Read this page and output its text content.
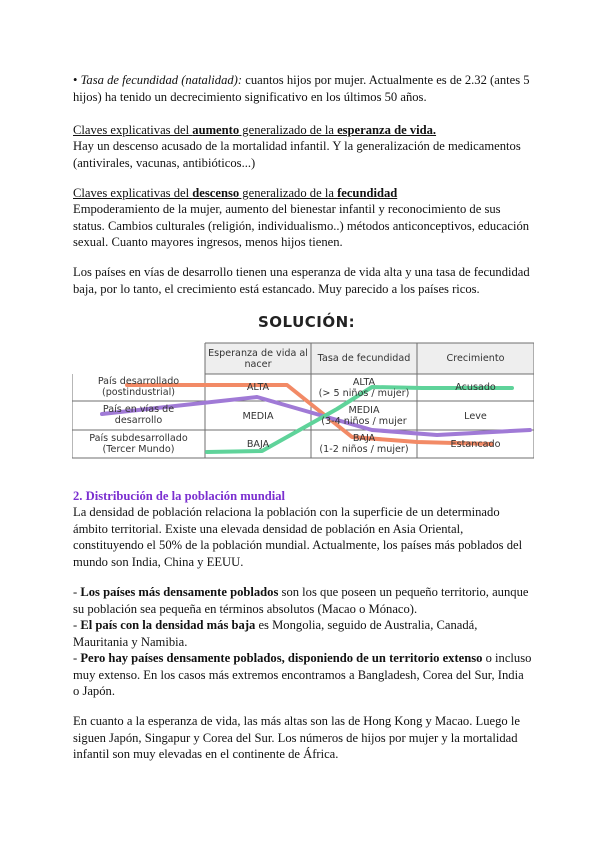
• Tasa de fecundidad (natalidad): cuantos hijos por mujer. Actualmente es de 2.32 (antes 5 hijos) ha tenido un decrecimiento significativo en los últimos 50 años.

Claves explicativas del aumento generalizado de la esperanza de vida.

Hay un descenso acusado de la mortalidad infantil. Y la generalización de medicamentos (antivirales, vacunas, antibióticos...)

Claves explicativas del descenso generalizado de la fecundidad

Empoderamiento de la mujer, aumento del bienestar infantil y reconocimiento de sus status. Cambios culturales (religión, individualismo..) métodos anticonceptivos, educación sexual. Cuanto mayores ingresos, menos hijos tienen.

Los países en vías de desarrollo tienen una esperanza de vida alta y una tasa de fecundidad baja, por lo tanto, el crecimiento está estancado. Muy parecido a los países ricos.

SOLUCIÓN:
Esperanza de vida al nacer
Tasa de fecundidad	Crecimiento
País desarrollado
(postindustrial)
País en vías de
desarrollo
País subdesarrollado
(Tercer Mundo)
ALTA
MEDIA
BAJA
ALTA
(> 5 niños / mujer)
MEDIA
(3-4 niños / mujer
BAJA
(1-2 niños / mujer)
Acusado
Leve
Estancado

2. Distribución de la población mundial

La densidad de población relaciona la población con la superficie de un determinado ámbito territorial. Existe una elevada densidad de población en Asia Oriental, constituyendo el 50% de la población mundial. Actualmente, los países más poblados del mundo son India, China y EEUU.

- Los países más densamente poblados son los que poseen un pequeño territorio, aunque su población sea pequeña en términos absolutos (Macao o Mónaco).

- El país con la densidad más baja es Mongolia, seguido de Australia, Canadá, Mauritania y Namibia.

- Pero hay países densamente poblados, disponiendo de un territorio extenso o incluso muy extenso. En los casos más extremos encontramos a Bangladesh, Corea del Sur, India o Japón.

En cuanto a la esperanza de vida, las más altas son las de Hong Kong y Macao. Luego le siguen Japón, Singapur y Corea del Sur. Los números de hijos por mujer y la mortalidad infantil son muy elevadas en el continente de África.
